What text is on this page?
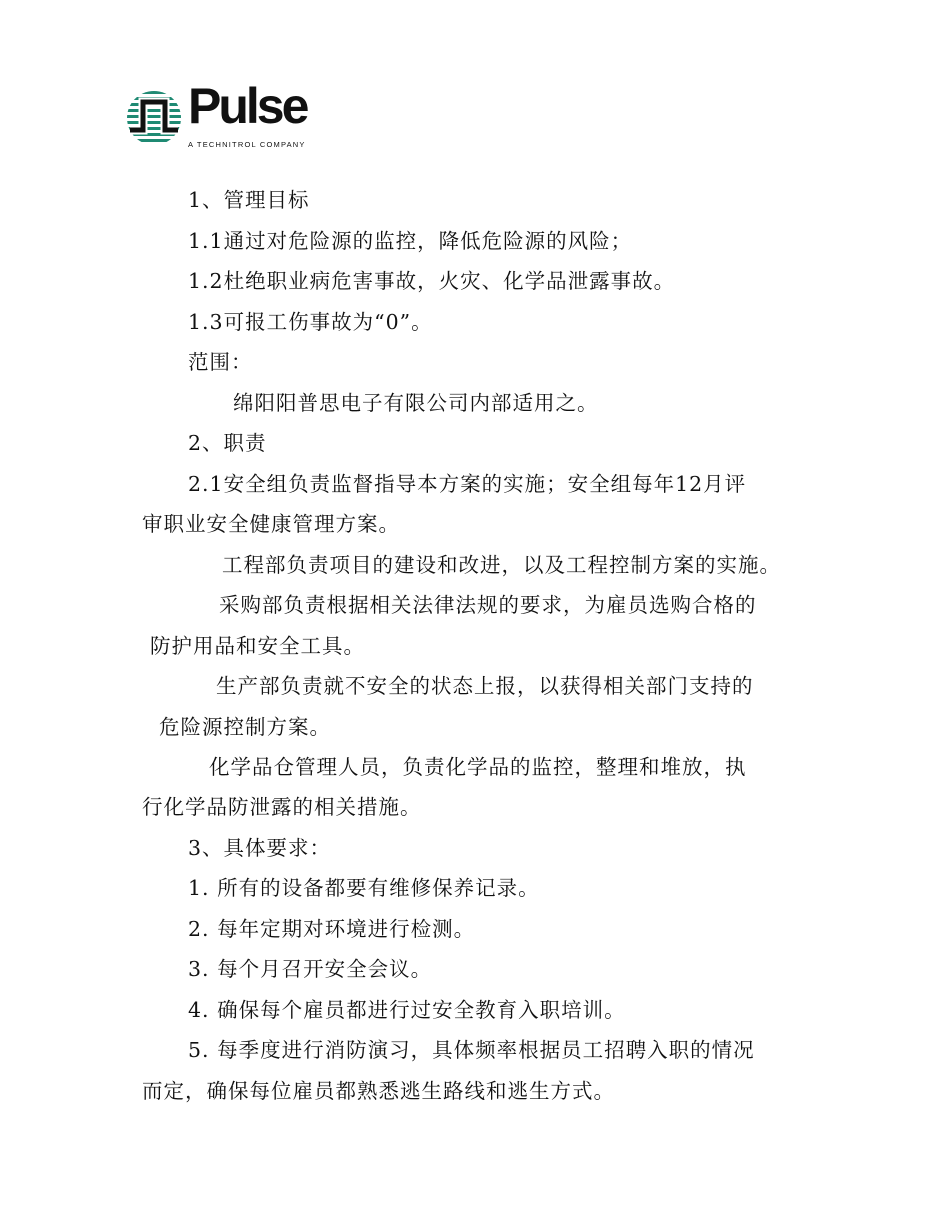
Pulse
A TECHNITROL COMPANY
1、管理目标
1.1通过对危险源的监控，降低危险源的风险；
1.2杜绝职业病危害事故，火灾、化学品泄露事故。
1.3可报工伤事故为“0”。
范围：
绵阳阳普思电子有限公司内部适用之。
2、职责
2.1安全组负责监督指导本方案的实施；安全组每年12月评
审职业安全健康管理方案。
工程部负责项目的建设和改进，以及工程控制方案的实施。
采购部负责根据相关法律法规的要求，为雇员选购合格的
防护用品和安全工具。
生产部负责就不安全的状态上报，以获得相关部门支持的
危险源控制方案。
化学品仓管理人员，负责化学品的监控，整理和堆放，执
行化学品防泄露的相关措施。
3、具体要求：
1. 所有的设备都要有维修保养记录。
2. 每年定期对环境进行检测。
3. 每个月召开安全会议。
4. 确保每个雇员都进行过安全教育入职培训。
5. 每季度进行消防演习，具体频率根据员工招聘入职的情况
而定，确保每位雇员都熟悉逃生路线和逃生方式。
